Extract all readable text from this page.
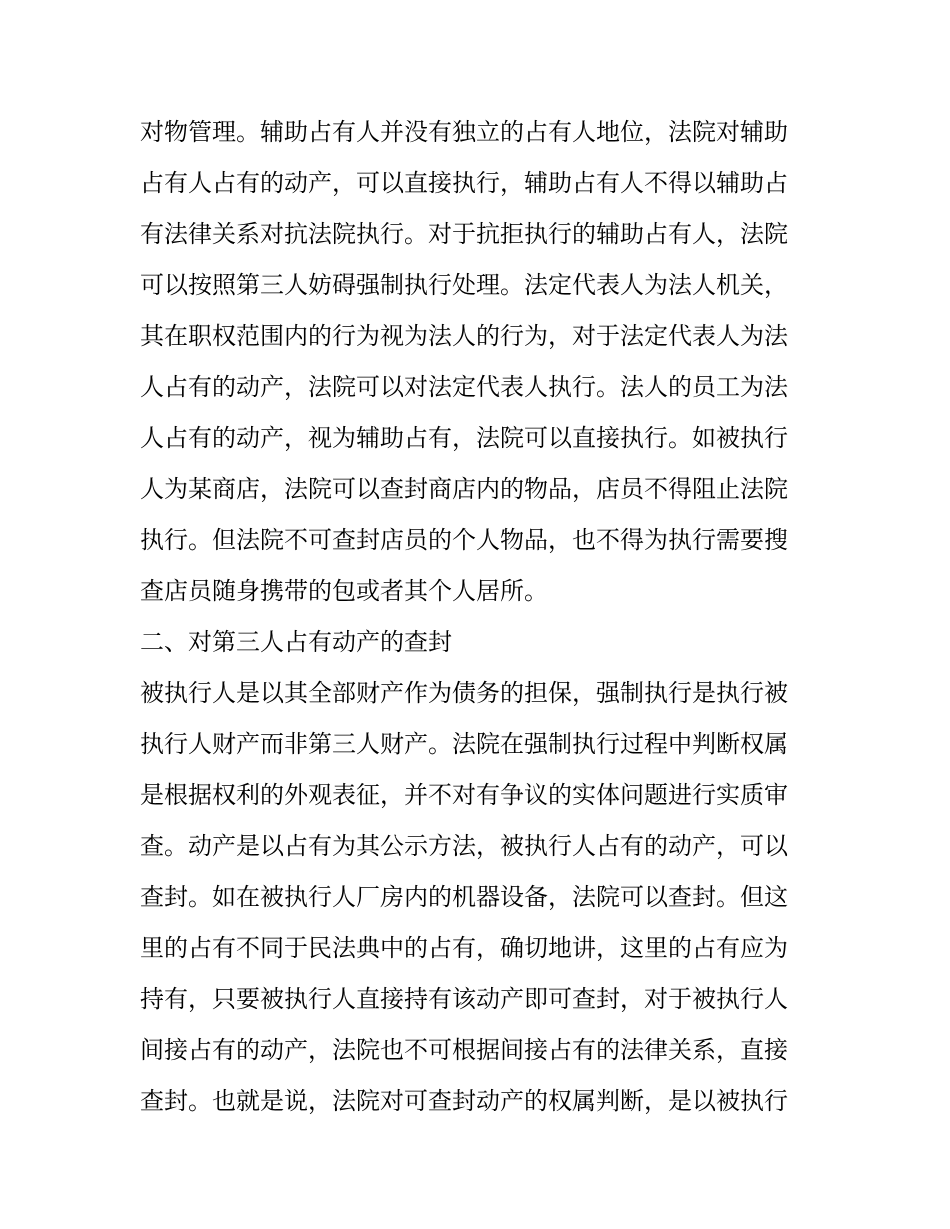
对物管理。辅助占有人并没有独立的占有人地位，法院对辅助
占有人占有的动产，可以直接执行，辅助占有人不得以辅助占
有法律关系对抗法院执行。对于抗拒执行的辅助占有人，法院
可以按照第三人妨碍强制执行处理。法定代表人为法人机关，
其在职权范围内的行为视为法人的行为，对于法定代表人为法
人占有的动产，法院可以对法定代表人执行。法人的员工为法
人占有的动产，视为辅助占有，法院可以直接执行。如被执行
人为某商店，法院可以查封商店内的物品，店员不得阻止法院
执行。但法院不可查封店员的个人物品，也不得为执行需要搜
查店员随身携带的包或者其个人居所。
二、对第三人占有动产的查封
被执行人是以其全部财产作为债务的担保，强制执行是执行被
执行人财产而非第三人财产。法院在强制执行过程中判断权属
是根据权利的外观表征，并不对有争议的实体问题进行实质审
查。动产是以占有为其公示方法，被执行人占有的动产，可以
查封。如在被执行人厂房内的机器设备，法院可以查封。但这
里的占有不同于民法典中的占有，确切地讲，这里的占有应为
持有，只要被执行人直接持有该动产即可查封，对于被执行人
间接占有的动产，法院也不可根据间接占有的法律关系，直接
查封。也就是说，法院对可查封动产的权属判断，是以被执行
